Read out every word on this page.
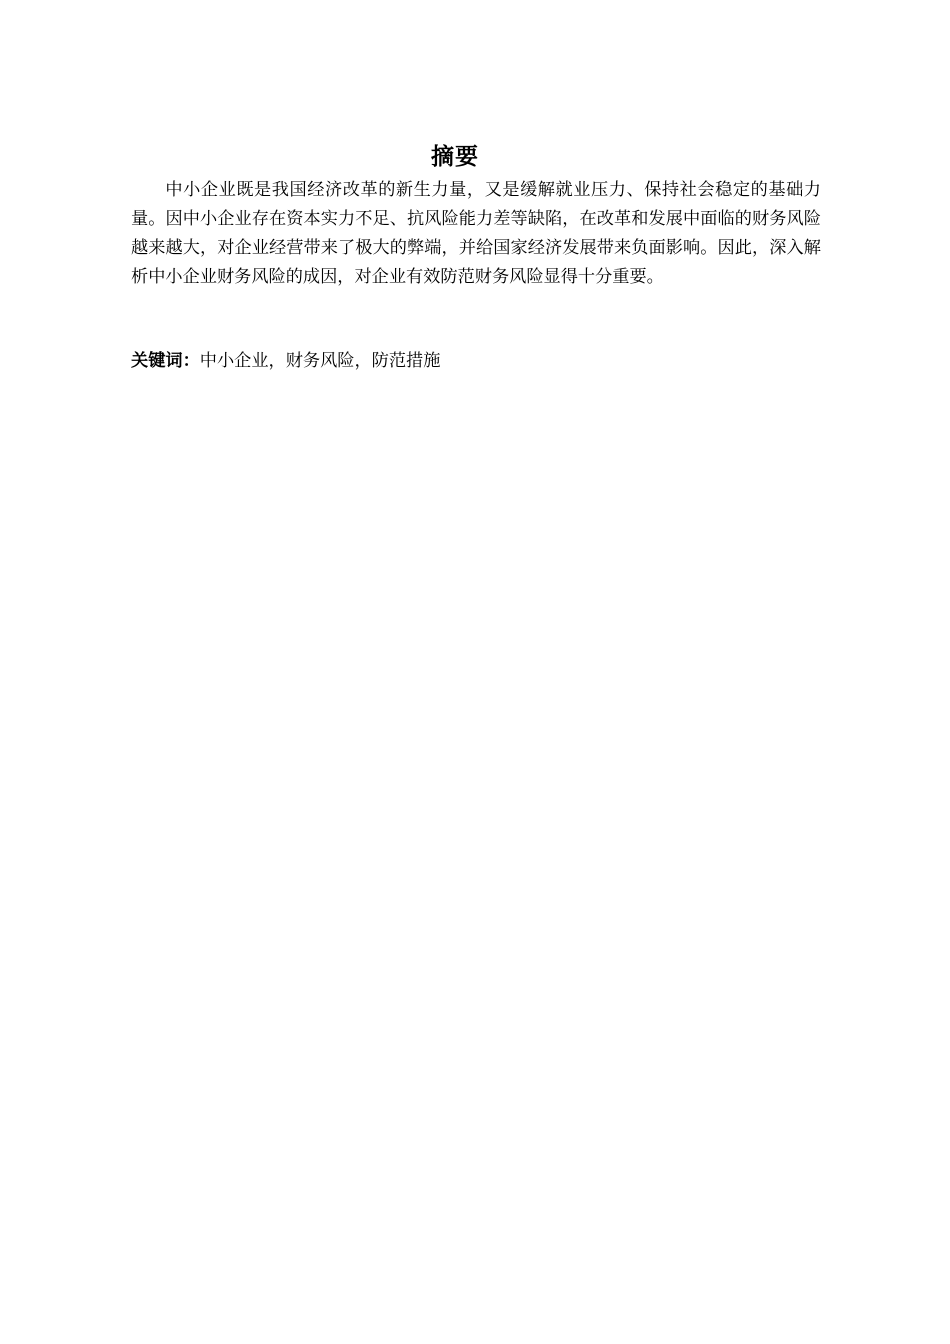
摘要

中小企业既是我国经济改革的新生力量，又是缓解就业压力、保持社会稳定的基础力量。因中小企业存在资本实力不足、抗风险能力差等缺陷，在改革和发展中面临的财务风险越来越大，对企业经营带来了极大的弊端，并给国家经济发展带来负面影响。因此，深入解析中小企业财务风险的成因，对企业有效防范财务风险显得十分重要。

关键词：中小企业，财务风险，防范措施
